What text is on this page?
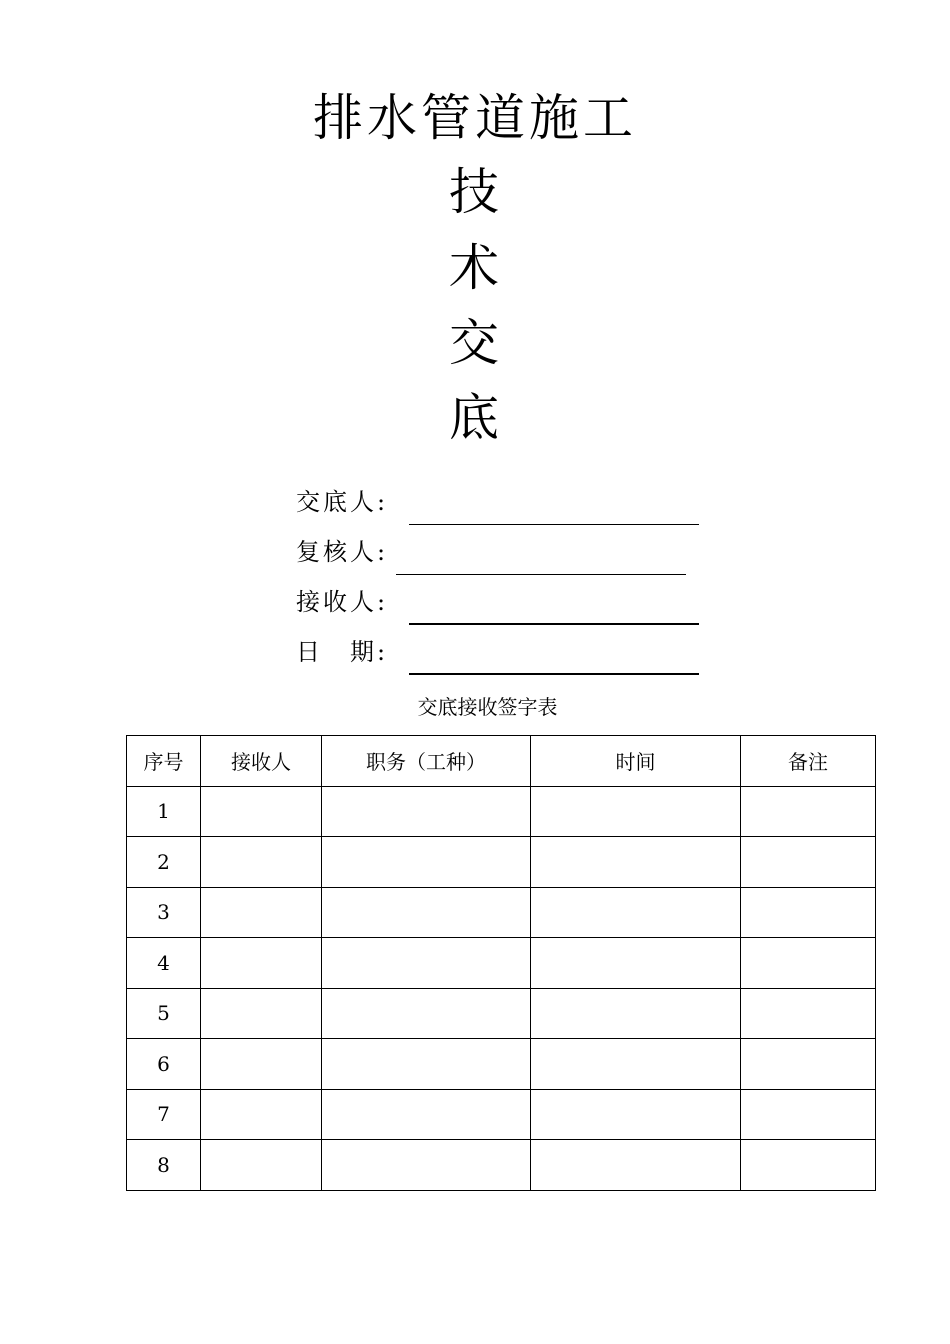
排水管道施工
技
术
交
底
交底人:
复核人:
接收人:
日　期:
交底接收签字表
序号	接收人	职务（工种）	时间	备注
1				
2				
3				
4				
5				
6				
7				
8				
